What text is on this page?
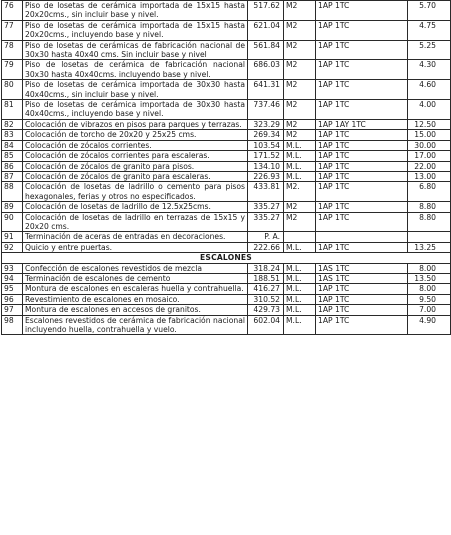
76	Piso de losetas de cerámica importada de 15x15 hasta 20x20cms., sin incluir base y nivel.	517.62	M2	1AP 1TC	5.70
77	Piso de losetas de cerámica importada de 15x15 hasta 20x20cms., incluyendo base y nivel.	621.04	M2	1AP 1TC	4.75
78	Piso de losetas de cerámicas de fabricación nacional de 30x30 hasta 40x40 cms. Sin incluir base y nivel	561.84	M2	1AP 1TC	5.25
79	Piso de losetas de cerámica de fabricación nacional 30x30 hasta 40x40cms. incluyendo base y nivel.	686.03	M2	1AP 1TC	4.30
80	Piso de losetas de cerámica importada de 30x30 hasta 40x40cms., sin incluir base y nivel.	641.31	M2	1AP 1TC	4.60
81	Piso de losetas de cerámica importada de 30x30 hasta 40x40cms., incluyendo base y nivel.	737.46	M2	1AP 1TC	4.00
82	Colocación de vibrazos en pisos para parques y terrazas.	323.29	M2	1AP 1AY 1TC	12.50
83	Colocación de torcho de 20x20 y 25x25 cms.	269.34	M2	1AP 1TC	15.00
84	Colocación de zócalos corrientes.	103.54	M.L.	1AP 1TC	30.00
85	Colocación de zócalos corrientes para escaleras.	171.52	M.L.	1AP 1TC	17.00
86	Colocación de zócalos de granito para pisos.	134.10	M.L.	1AP 1TC	22.00
87	Colocación de zócalos de granito para escaleras.	226.93	M.L.	1AP 1TC	13.00
88	Colocación de losetas de ladrillo o cemento para pisos hexagonales, ferias y otros no especificados.	433.81	M2.	1AP 1TC	6.80
89	Colocación de losetas de ladrillo de 12.5x25cms.	335.27	M2	1AP 1TC	8.80
90	Colocación de losetas de ladrillo en terrazas de 15x15 y 20x20 cms.	335.27	M2	1AP 1TC	8.80
91	Terminación de aceras de entradas en decoraciones.	P. A.			
92	Quicio y entre puertas.	222.66	M.L.	1AP 1TC	13.25
ESCALONES					
93	Confección de escalones revestidos de mezcla	318.24	M.L.	1AS 1TC	8.00
94	Terminación de escalones de cemento	188.51	M.L.	1AS 1TC	13.50
95	Montura de escalones en escaleras huella y contrahuella.	416.27	M.L.	1AP 1TC	8.00
96	Revestimiento de escalones en mosaico.	310.52	M.L.	1AP 1TC	9.50
97	Montura de escalones en accesos de granitos.	429.73	M.L.	1AP 1TC	7.00
98	Escalones revestidos de cerámica de fabricación nacional incluyendo huella, contrahuella y vuelo.	602.04	M.L.	1AP 1TC	4.90
